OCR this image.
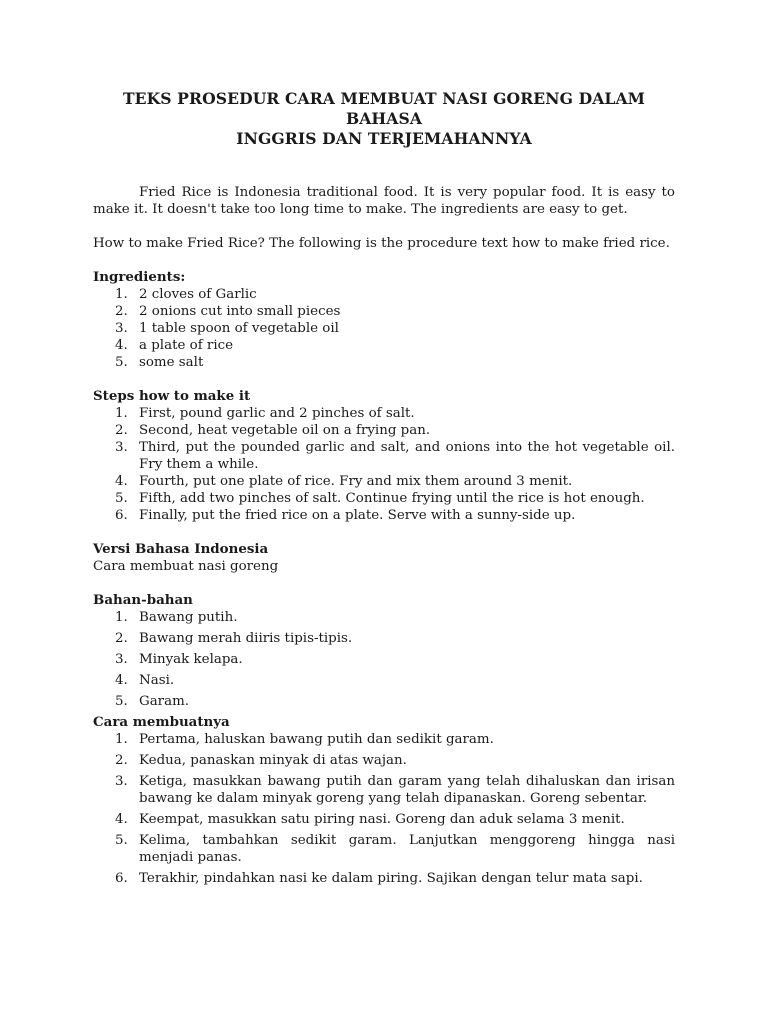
TEKS PROSEDUR CARA MEMBUAT NASI GORENG DALAM BAHASA
INGGRIS DAN TERJEMAHANNYA

Fried Rice is Indonesia traditional food. It is very popular food. It is easy to make it. It doesn't take too long time to make. The ingredients are easy to get.

How to make Fried Rice? The following is the procedure text how to make fried rice.

Ingredients:

1. 2 cloves of Garlic
2. 2 onions cut into small pieces
3. 1 table spoon of vegetable oil
4. a plate of rice
5. some salt

Steps how to make it

1. First, pound garlic and 2 pinches of salt.
2. Second, heat vegetable oil on a frying pan.
3. Third, put the pounded garlic and salt, and onions into the hot vegetable oil. Fry them a while.
4. Fourth, put one plate of rice. Fry and mix them around 3 menit.
5. Fifth, add two pinches of salt. Continue frying until the rice is hot enough.
6. Finally, put the fried rice on a plate. Serve with a sunny-side up.

Versi Bahasa Indonesia

Cara membuat nasi goreng

Bahan-bahan

1. Bawang putih.
2. Bawang merah diiris tipis-tipis.
3. Minyak kelapa.
4. Nasi.
5. Garam.

Cara membuatnya

1. Pertama, haluskan bawang putih dan sedikit garam.
2. Kedua, panaskan minyak di atas wajan.
3. Ketiga, masukkan bawang putih dan garam yang telah dihaluskan dan irisan bawang ke dalam minyak goreng yang telah dipanaskan. Goreng sebentar.
4. Keempat, masukkan satu piring nasi. Goreng dan aduk selama 3 menit.
5. Kelima, tambahkan sedikit garam. Lanjutkan menggoreng hingga nasi menjadi panas.
6. Terakhir, pindahkan nasi ke dalam piring. Sajikan dengan telur mata sapi.
